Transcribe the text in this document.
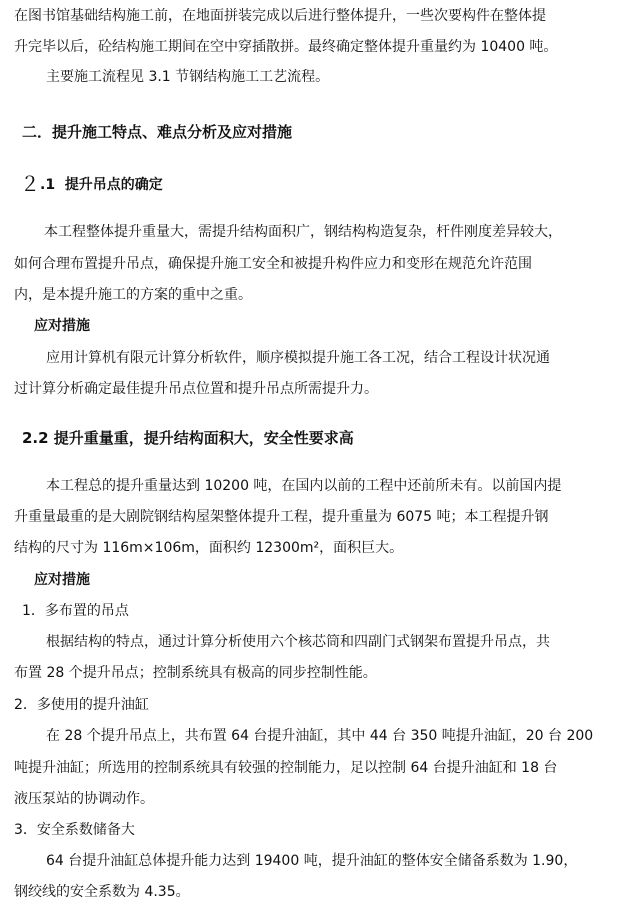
在图书馆基础结构施工前，在地面拼装完成以后进行整体提升，一些次要构件在整体提
升完毕以后，砼结构施工期间在空中穿插散拼。最终确定整体提升重量约为 10400 吨。
主要施工流程见 3.1 节钢结构施工工艺流程。
二．提升施工特点、难点分析及应对措施
２.1 提升吊点的确定
本工程整体提升重量大，需提升结构面积广，钢结构构造复杂，杆件刚度差异较大，
如何合理布置提升吊点，确保提升施工安全和被提升构件应力和变形在规范允许范围
内，是本提升施工的方案的重中之重。
应对措施
应用计算机有限元计算分析软件，顺序模拟提升施工各工况，结合工程设计状况通
过计算分析确定最佳提升吊点位置和提升吊点所需提升力。
2.2 提升重量重，提升结构面积大，安全性要求高
本工程总的提升重量达到 10200 吨，在国内以前的工程中还前所未有。以前国内提
升重量最重的是大剧院钢结构屋架整体提升工程，提升重量为 6075 吨；本工程提升钢
结构的尺寸为 116m×106m，面积约 12300m²，面积巨大。
应对措施
1．多布置的吊点
根据结构的特点，通过计算分析使用六个核芯筒和四副门式钢架布置提升吊点，共
布置 28 个提升吊点；控制系统具有极高的同步控制性能。
2．多使用的提升油缸
在 28 个提升吊点上，共布置 64 台提升油缸，其中 44 台 350 吨提升油缸，20 台 200
吨提升油缸；所选用的控制系统具有较强的控制能力，足以控制 64 台提升油缸和 18 台
液压泵站的协调动作。
3．安全系数储备大
64 台提升油缸总体提升能力达到 19400 吨，提升油缸的整体安全储备系数为 1.90，
钢绞线的安全系数为 4.35。
